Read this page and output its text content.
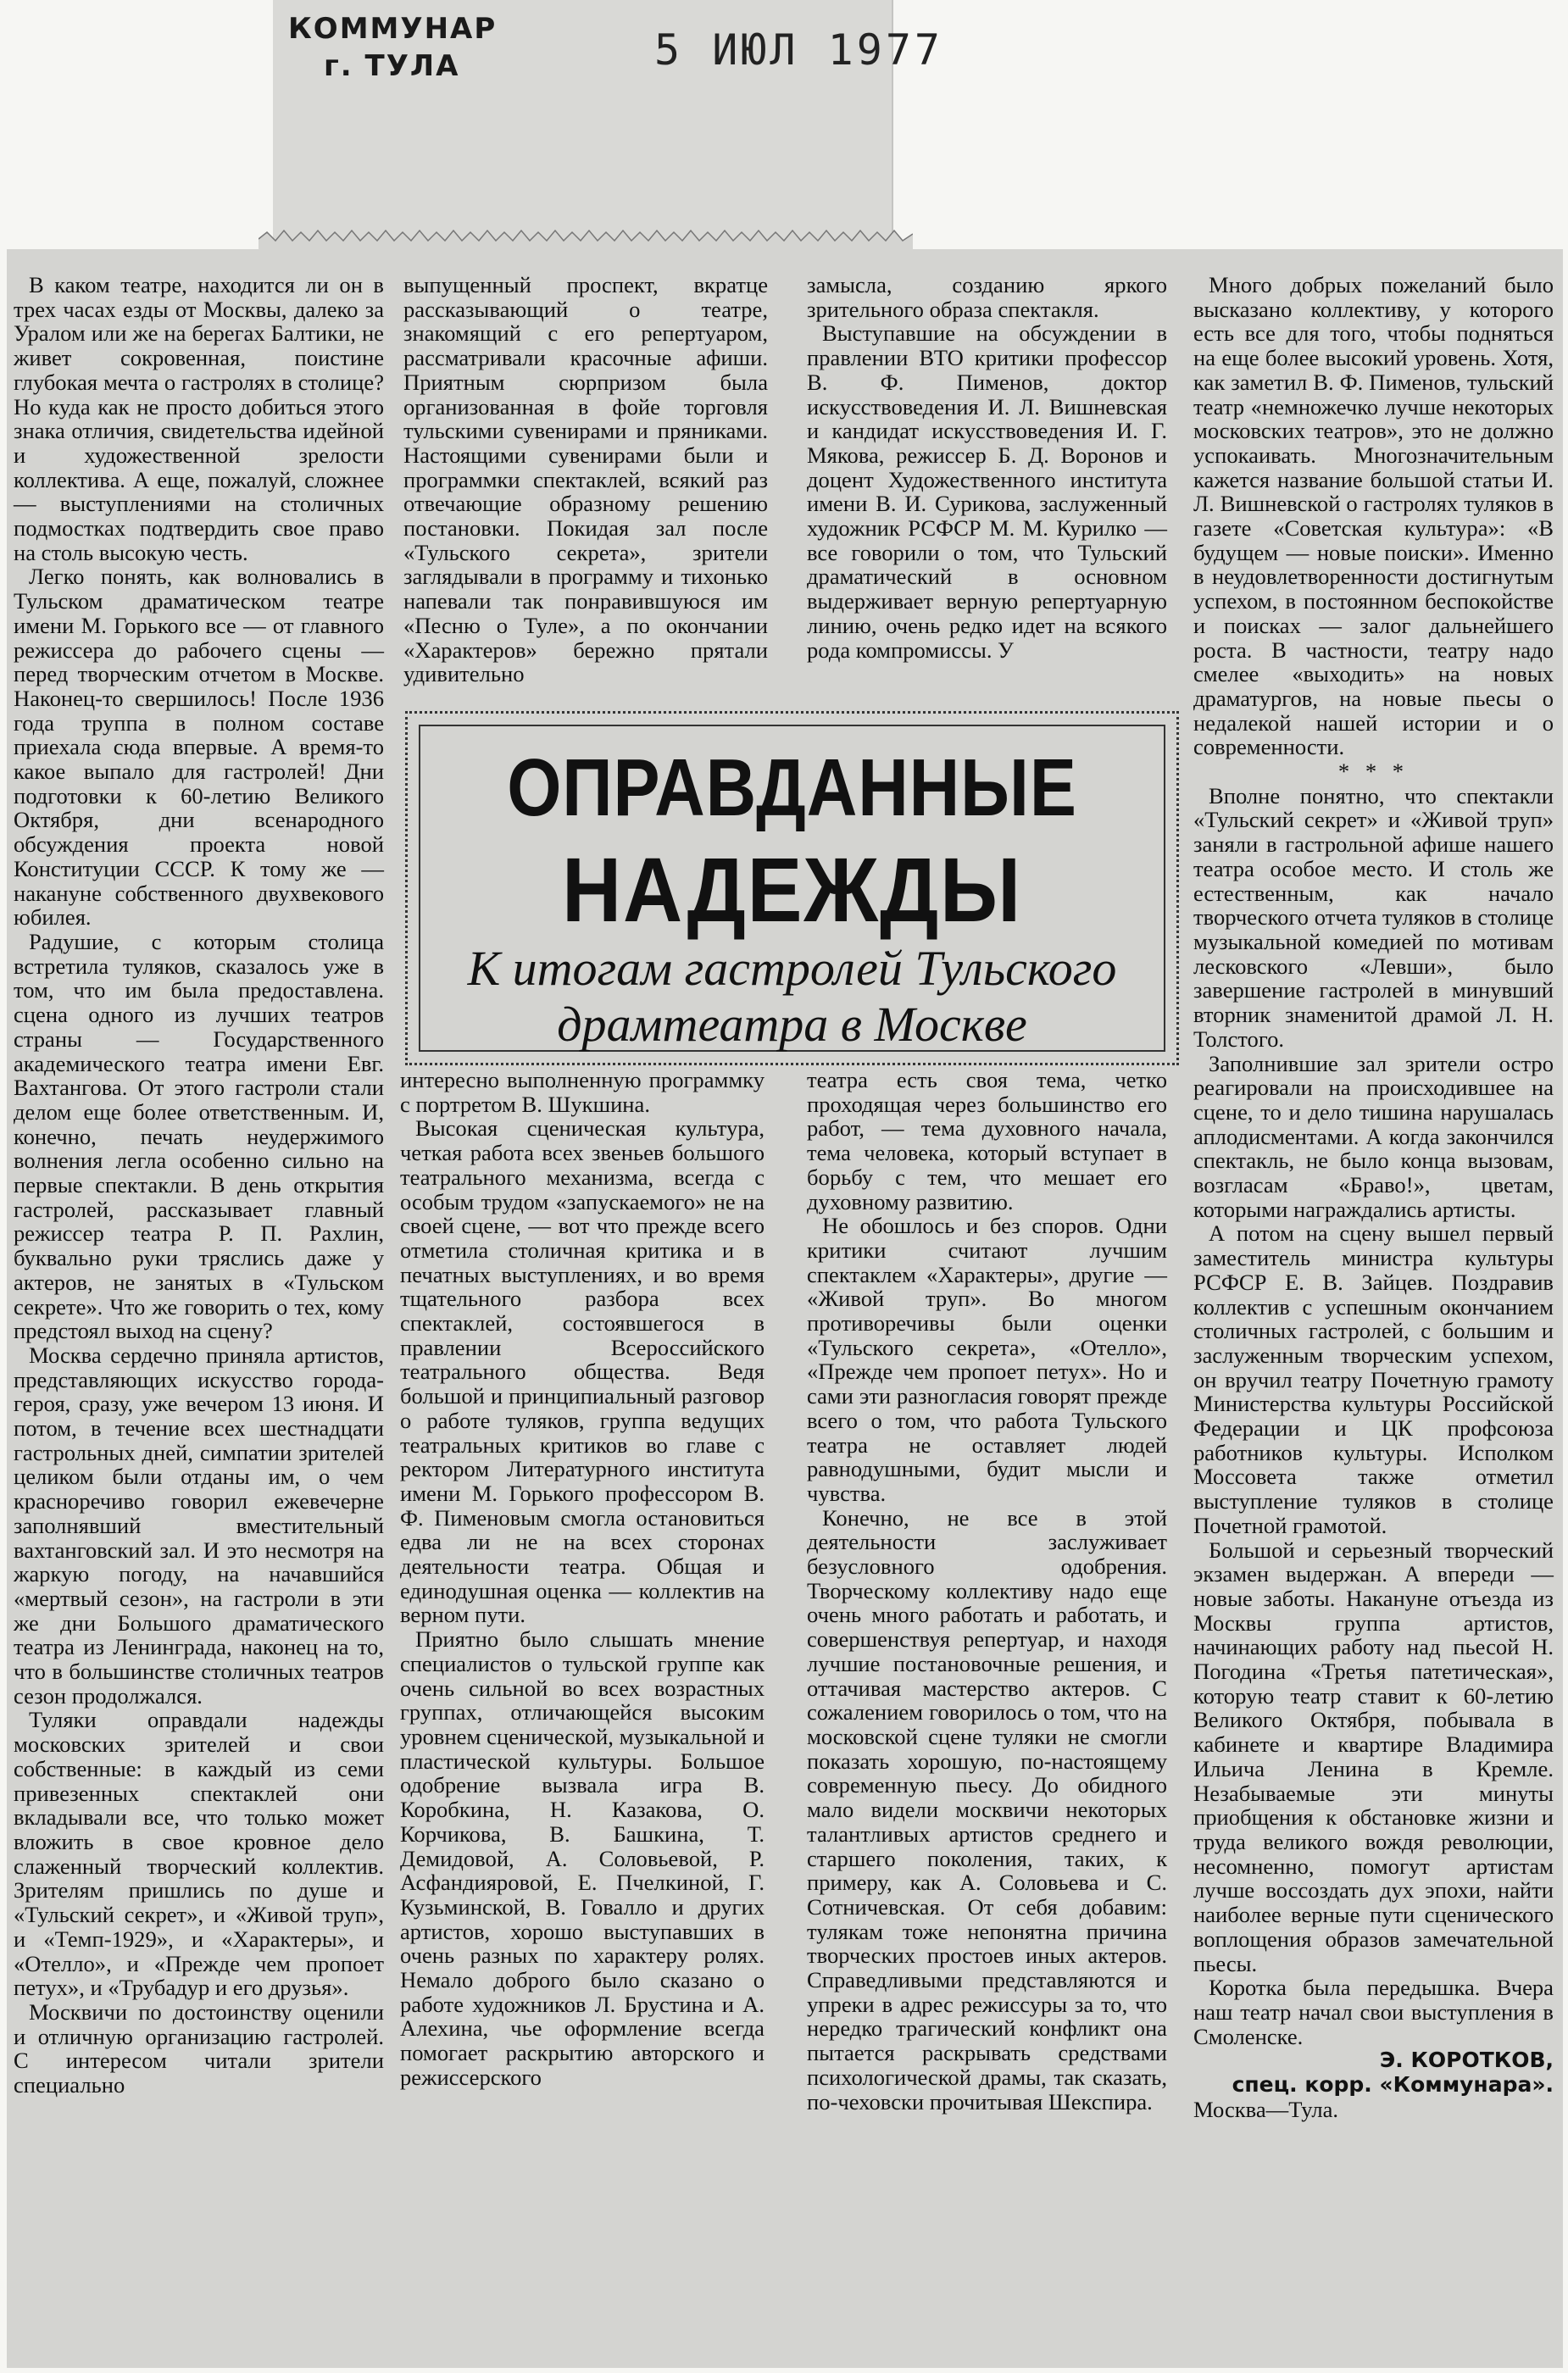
КОММУНАР
г. ТУЛА	5 ИЮЛ 1977

В каком театре, находится ли он в трех часах езды от Москвы, далеко за Уралом или же на берегах Балтики, не живет сокровенная, поистине глубокая мечта о гастролях в столице? Но куда как не просто добиться этого знака отличия, свидетельства идейной и художественной зрелости коллектива. А еще, пожалуй, сложнее — выступлениями на столичных подмостках подтвердить свое право на столь высокую честь.

Легко понять, как волновались в Тульском драматическом театре имени М. Горького все — от главного режиссера до рабочего сцены — перед творческим отчетом в Москве. Наконец-то свершилось! После 1936 года труппа в полном составе приехала сюда впервые. А время-то какое выпало для гастролей! Дни подготовки к 60-летию Великого Октября, дни всенародного обсуждения проекта новой Конституции СССР. К тому же — накануне собственного двухвекового юбилея.

Радушие, с которым столица встретила туляков, сказалось уже в том, что им была предоставлена. сцена одного из лучших театров страны — Государственного академического театра имени Евг. Вахтангова. От этого гастроли стали делом еще более ответственным. И, конечно, печать неудержимого волнения легла особенно сильно на первые спектакли. В день открытия гастролей, рассказывает главный режиссер театра Р. П. Рахлин, буквально руки тряслись даже у актеров, не занятых в «Тульском секрете». Что же говорить о тех, кому предстоял выход на сцену?

Москва сердечно приняла артистов, представляющих искусство города-героя, сразу, уже вечером 13 июня. И потом, в течение всех шестнадцати гастрольных дней, симпатии зрителей целиком были отданы им, о чем красноречиво говорил ежевечерне заполнявший вместительный вахтанговский зал. И это несмотря на жаркую погоду, на начавшийся «мертвый сезон», на гастроли в эти же дни Большого драматического театра из Ленинграда, наконец на то, что в большинстве столичных театров сезон продолжался.

Туляки оправдали надежды московских зрителей и свои собственные: в каждый из семи привезенных спектаклей они вкладывали все, что только может вложить в свое кровное дело слаженный творческий коллектив. Зрителям пришлись по душе и «Тульский секрет», и «Живой труп», и «Темп-1929», и «Характеры», и «Отелло», и «Прежде чем пропоет петух», и «Трубадур и его друзья».

Москвичи по достоинству оценили и отличную организацию гастролей. С интересом читали зрители специально

выпущенный проспект, вкратце рассказывающий о театре, знакомящий с его репертуаром, рассматривали красочные афиши. Приятным сюрпризом была организованная в фойе торговля тульскими сувенирами и пряниками. Настоящими сувенирами были и программки спектаклей, всякий раз отвечающие образному решению постановки. Покидая зал после «Тульского секрета», зрители заглядывали в программу и тихонько напевали так понравившуюся им «Песню о Туле», а по окончании «Характеров» бережно прятали удивительно

замысла, созданию яркого зрительного образа спектакля.

Выступавшие на обсуждении в правлении ВТО критики профессор В. Ф. Пименов, доктор искусствоведения И. Л. Вишневская и кандидат искусствоведения И. Г. Мякова, режиссер Б. Д. Воронов и доцент Художественного института имени В. И. Сурикова, заслуженный художник РСФСР М. М. Курилко — все говорили о том, что Тульский драматический в основном выдерживает верную репертуарную линию, очень редко идет на всякого рода компромиссы. У

ОПРАВДАННЫЕ
НАДЕЖДЫ
К итогам гастролей Тульского
драмтеатра в Москве

интересно выполненную программку с портретом В. Шукшина.

Высокая сценическая культура, четкая работа всех звеньев большого театрального механизма, всегда с особым трудом «запускаемого» не на своей сцене, — вот что прежде всего отметила столичная критика и в печатных выступлениях, и во время тщательного разбора всех спектаклей, состоявшегося в правлении Всероссийского театрального общества. Ведя большой и принципиальный разговор о работе туляков, группа ведущих театральных критиков во главе с ректором Литературного института имени М. Горького профессором В. Ф. Пименовым смогла остановиться едва ли не на всех сторонах деятельности театра. Общая и единодушная оценка — коллектив на верном пути.

Приятно было слышать мнение специалистов о тульской группе как очень сильной во всех возрастных группах, отличающейся высоким уровнем сценической, музыкальной и пластической культуры. Большое одобрение вызвала игра В. Коробкина, Н. Казакова, О. Корчикова, В. Башкина, Т. Демидовой, А. Соловьевой, Р. Асфандияровой, Е. Пчелкиной, Г. Кузьминской, В. Говалло и других артистов, хорошо выступавших в очень разных по характеру ролях. Немало доброго было сказано о работе художников Л. Брустина и А. Алехина, чье оформление всегда помогает раскрытию авторского и режиссерского

театра есть своя тема, четко проходящая через большинство его работ, — тема духовного начала, тема человека, который вступает в борьбу с тем, что мешает его духовному развитию.

Не обошлось и без споров. Одни критики считают лучшим спектаклем «Характеры», другие — «Живой труп». Во многом противоречивы были оценки «Тульского секрета», «Отелло», «Прежде чем пропоет петух». Но и сами эти разногласия говорят прежде всего о том, что работа Тульского театра не оставляет людей равнодушными, будит мысли и чувства.

Конечно, не все в этой деятельности заслуживает безусловного одобрения. Творческому коллективу надо еще очень много работать и работать, и совершенствуя репертуар, и находя лучшие постановочные решения, и оттачивая мастерство актеров. С сожалением говорилось о том, что на московской сцене туляки не смогли показать хорошую, по-настоящему современную пьесу. До обидного мало видели москвичи некоторых талантливых артистов среднего и старшего поколения, таких, к примеру, как А. Соловьева и С. Сотничевская. От себя добавим: тулякам тоже непонятна причина творческих простоев иных актеров. Справедливыми представляются и упреки в адрес режиссуры за то, что нередко трагический конфликт она пытается раскрывать средствами психологической драмы, так сказать, по-чеховски прочитывая Шекспира.

Много добрых пожеланий было высказано коллективу, у которого есть все для того, чтобы подняться на еще более высокий уровень. Хотя, как заметил В. Ф. Пименов, тульский театр «немножечко лучше некоторых московских театров», это не должно успокаивать. Многозначительным кажется название большой статьи И. Л. Вишневской о гастролях туляков в газете «Советская культура»: «В будущем — новые поиски». Именно в неудовлетворенности достигнутым успехом, в постоянном беспокойстве и поисках — залог дальнейшего роста. В частности, театру надо смелее «выходить» на новых драматургов, на новые пьесы о недалекой нашей истории и о современности.

* * *

Вполне понятно, что спектакли «Тульский секрет» и «Живой труп» заняли в гастрольной афише нашего театра особое место. И столь же естественным, как начало творческого отчета туляков в столице музыкальной комедией по мотивам лесковского «Левши», было завершение гастролей в минувший вторник знаменитой драмой Л. Н. Толстого.

Заполнившие зал зрители остро реагировали на происходившее на сцене, то и дело тишина нарушалась аплодисментами. А когда закончился спектакль, не было конца вызовам, возгласам «Браво!», цветам, которыми награждались артисты.

А потом на сцену вышел первый заместитель министра культуры РСФСР Е. В. Зайцев. Поздравив коллектив с успешным окончанием столичных гастролей, с большим и заслуженным творческим успехом, он вручил театру Почетную грамоту Министерства культуры Российской Федерации и ЦК профсоюза работников культуры. Исполком Моссовета также отметил выступление туляков в столице Почетной грамотой.

Большой и серьезный творческий экзамен выдержан. А впереди — новые заботы. Накануне отъезда из Москвы группа артистов, начинающих работу над пьесой Н. Погодина «Третья патетическая», которую театр ставит к 60-летию Великого Октября, побывала в кабинете и квартире Владимира Ильича Ленина в Кремле. Незабываемые эти минуты приобщения к обстановке жизни и труда великого вождя революции, несомненно, помогут артистам лучше воссоздать дух эпохи, найти наиболее верные пути сценического воплощения образов замечательной пьесы.

Коротка была передышка. Вчера наш театр начал свои выступления в Смоленске.

Э. КОРОТКОВ,

спец. корр. «Коммунара».

Москва—Тула.
